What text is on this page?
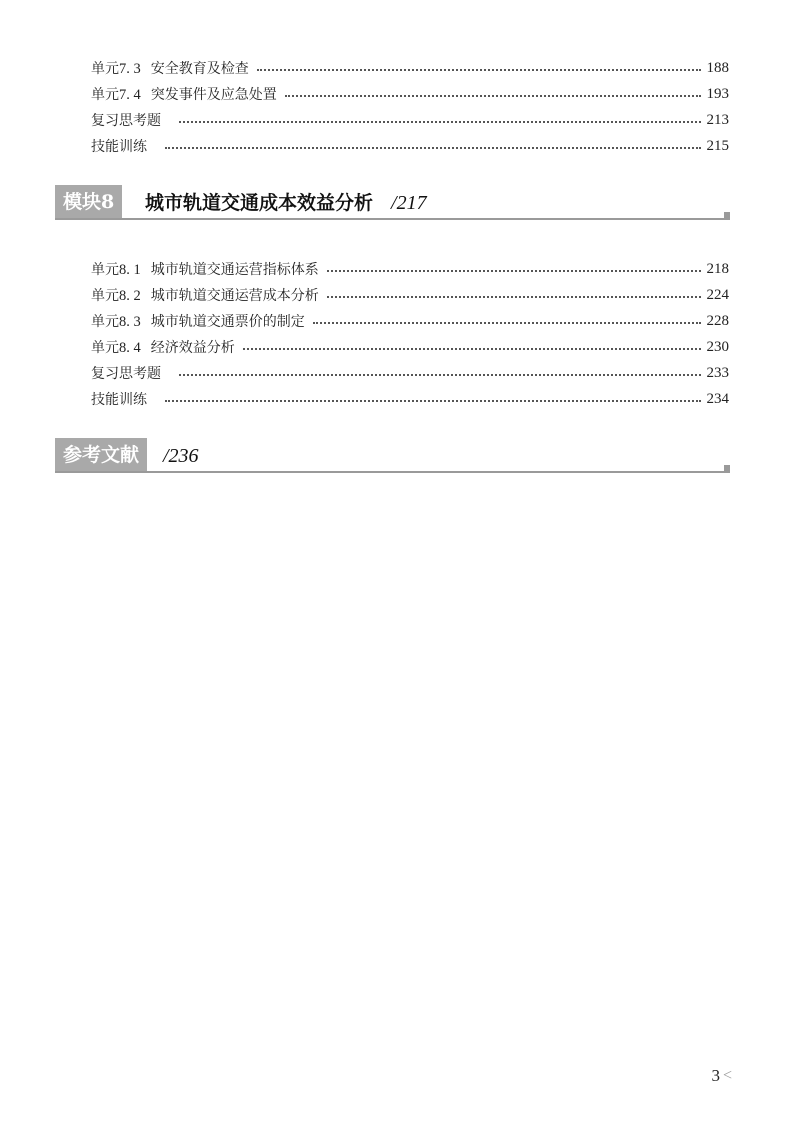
单元7. 3 安全教育及检查	188
单元7. 4 突发事件及应急处置	193
复习思考题	213
技能训练	215
模块8	城市轨道交通成本效益分析 /217
单元8. 1 城市轨道交通运营指标体系	218
单元8. 2 城市轨道交通运营成本分析	224
单元8. 3 城市轨道交通票价的制定	228
单元8. 4 经济效益分析	230
复习思考题	233
技能训练	234
参考文献	/236
3 <
